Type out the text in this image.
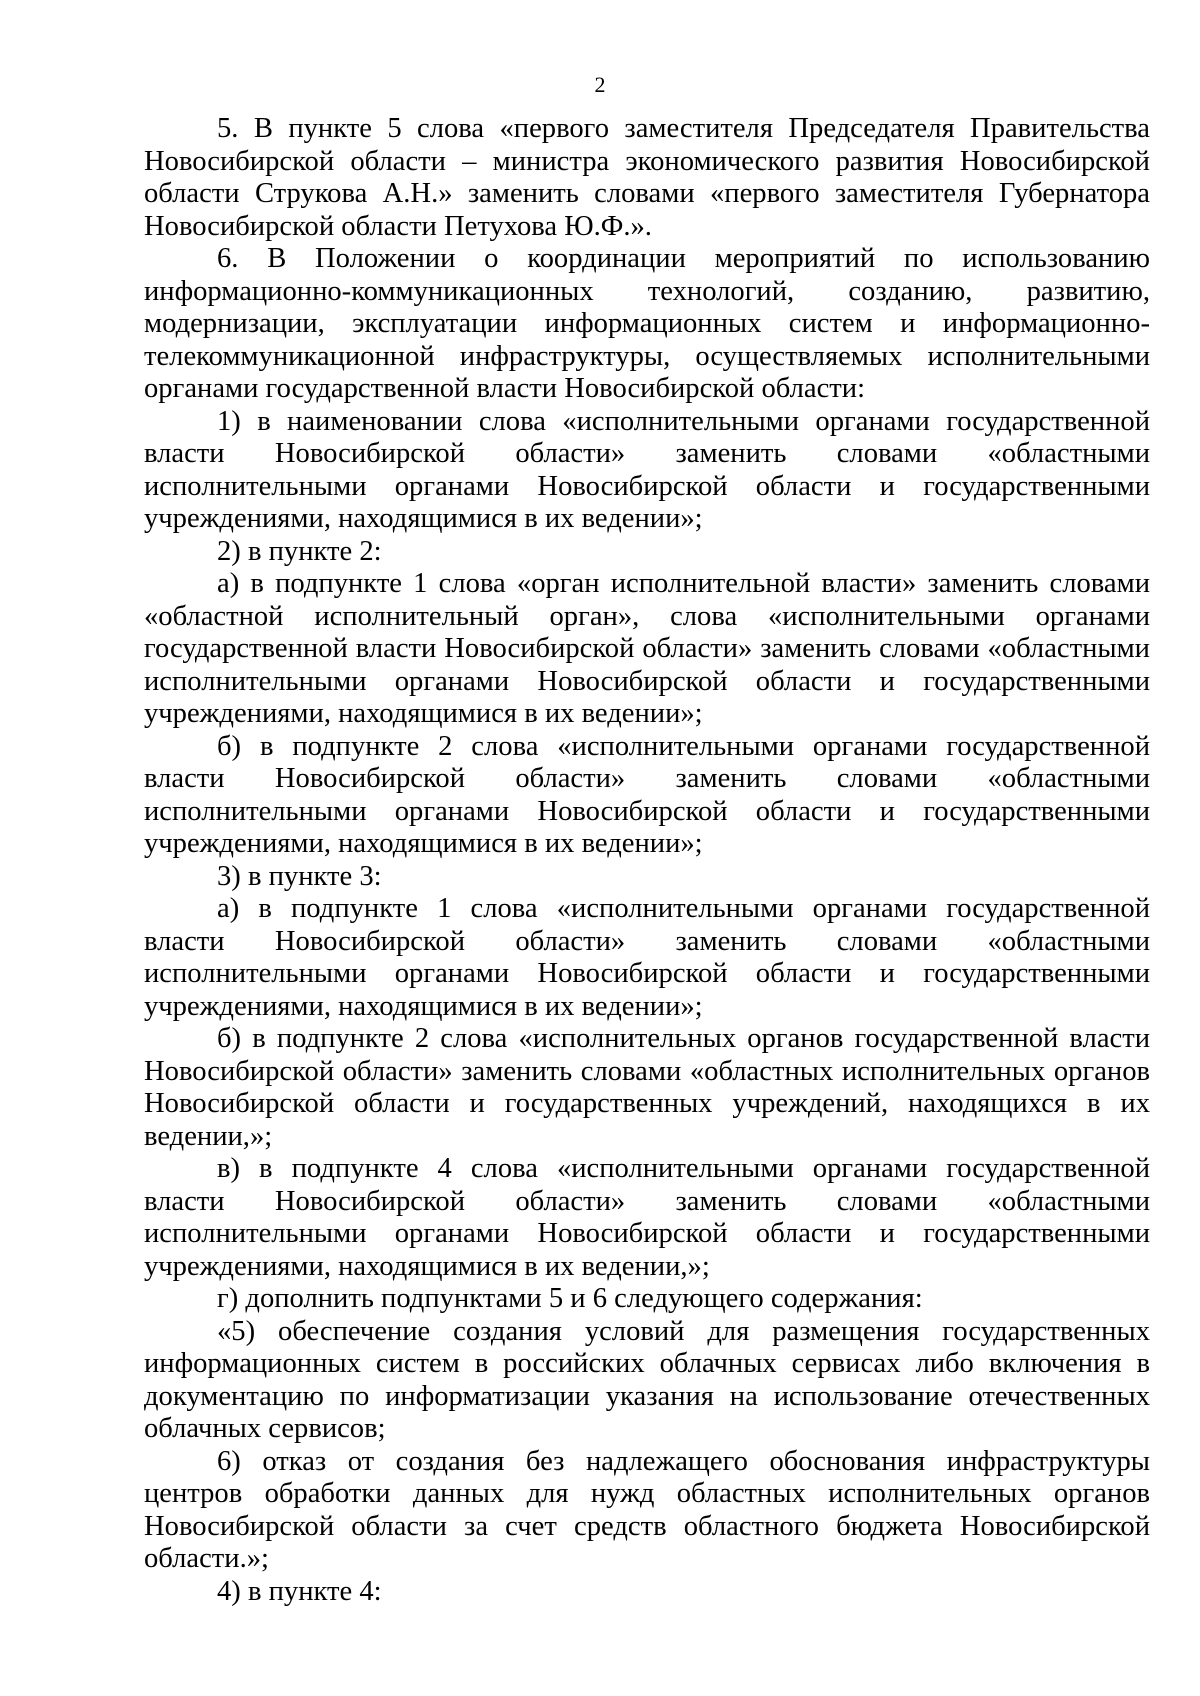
2

5. В пункте 5 слова «первого заместителя Председателя Правительства Новосибирской области – министра экономического развития Новосибирской области Струкова А.Н.» заменить словами «первого заместителя Губернатора Новосибирской области Петухова Ю.Ф.».

6. В Положении о координации мероприятий по использованию информационно-коммуникационных технологий, созданию, развитию, модернизации, эксплуатации информационных систем и информационно-телекоммуникационной инфраструктуры, осуществляемых исполнительными органами государственной власти Новосибирской области:

1) в наименовании слова «исполнительными органами государственной власти Новосибирской области» заменить словами «областными исполнительными органами Новосибирской области и государственными учреждениями, находящимися в их ведении»;

2) в пункте 2:

а) в подпункте 1 слова «орган исполнительной власти» заменить словами «областной исполнительный орган», слова «исполнительными органами государственной власти Новосибирской области» заменить словами «областными исполнительными органами Новосибирской области и государственными учреждениями, находящимися в их ведении»;

б) в подпункте 2 слова «исполнительными органами государственной власти Новосибирской области» заменить словами «областными исполнительными органами Новосибирской области и государственными учреждениями, находящимися в их ведении»;

3) в пункте 3:

а) в подпункте 1 слова «исполнительными органами государственной власти Новосибирской области» заменить словами «областными исполнительными органами Новосибирской области и государственными учреждениями, находящимися в их ведении»;

б) в подпункте 2 слова «исполнительных органов государственной власти Новосибирской области» заменить словами «областных исполнительных органов Новосибирской области и государственных учреждений, находящихся в их ведении,»;

в) в подпункте 4 слова «исполнительными органами государственной власти Новосибирской области» заменить словами «областными исполнительными органами Новосибирской области и государственными учреждениями, находящимися в их ведении,»;

г) дополнить подпунктами 5 и 6 следующего содержания:

«5) обеспечение создания условий для размещения государственных информационных систем в российских облачных сервисах либо включения в документацию по информатизации указания на использование отечественных облачных сервисов;

6) отказ от создания без надлежащего обоснования инфраструктуры центров обработки данных для нужд областных исполнительных органов Новосибирской области за счет средств областного бюджета Новосибирской области.»;

4) в пункте 4:
